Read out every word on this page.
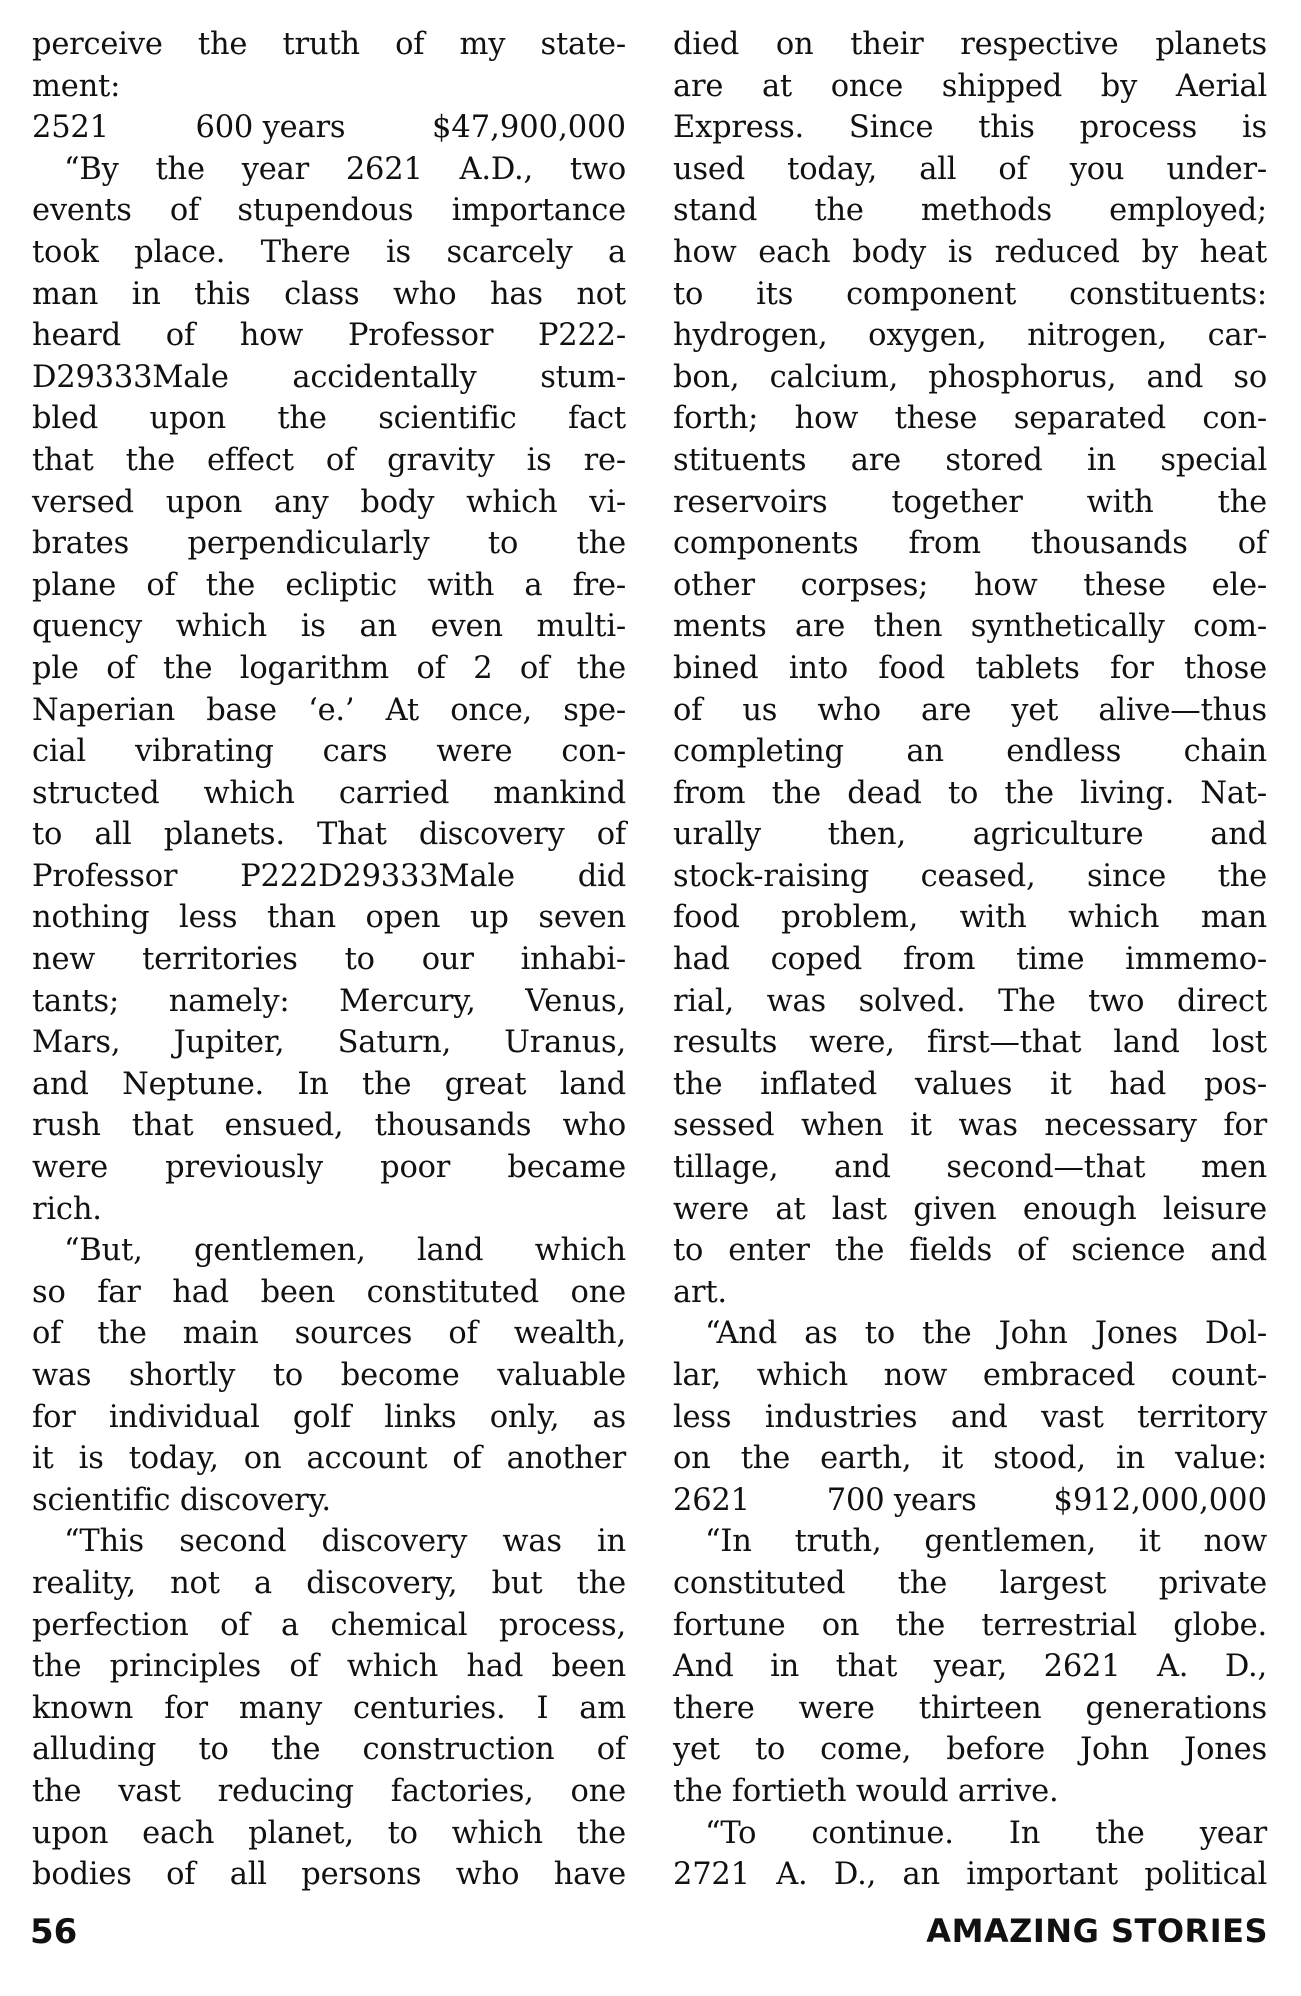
perceive the truth of my state-
ment:
2521	600 years	$47,900,000
“By the year 2621 A.D., two
events of stupendous importance
took place. There is scarcely a
man in this class who has not
heard of how Professor P222-
D29333Male accidentally stum-
bled upon the scientific fact
that the effect of gravity is re-
versed upon any body which vi-
brates perpendicularly to the
plane of the ecliptic with a fre-
quency which is an even multi-
ple of the logarithm of 2 of the
Naperian base ‘e.’ At once, spe-
cial vibrating cars were con-
structed which carried mankind
to all planets. That discovery of
Professor P222D29333Male did
nothing less than open up seven
new territories to our inhabi-
tants; namely: Mercury, Venus,
Mars, Jupiter, Saturn, Uranus,
and Neptune. In the great land
rush that ensued, thousands who
were previously poor became
rich.
“But, gentlemen, land which
so far had been constituted one
of the main sources of wealth,
was shortly to become valuable
for individual golf links only, as
it is today, on account of another
scientific discovery.
“This second discovery was in
reality, not a discovery, but the
perfection of a chemical process,
the principles of which had been
known for many centuries. I am
alluding to the construction of
the vast reducing factories, one
upon each planet, to which the
bodies of all persons who have
died on their respective planets
are at once shipped by Aerial
Express. Since this process is
used today, all of you under-
stand the methods employed;
how each body is reduced by heat
to its component constituents:
hydrogen, oxygen, nitrogen, car-
bon, calcium, phosphorus, and so
forth; how these separated con-
stituents are stored in special
reservoirs together with the
components from thousands of
other corpses; how these ele-
ments are then synthetically com-
bined into food tablets for those
of us who are yet alive—thus
completing an endless chain
from the dead to the living. Nat-
urally then, agriculture and
stock-raising ceased, since the
food problem, with which man
had coped from time immemo-
rial, was solved. The two direct
results were, first—that land lost
the inflated values it had pos-
sessed when it was necessary for
tillage, and second—that men
were at last given enough leisure
to enter the fields of science and
art.
“And as to the John Jones Dol-
lar, which now embraced count-
less industries and vast territory
on the earth, it stood, in value:
2621	700 years	$912,000,000
“In truth, gentlemen, it now
constituted the largest private
fortune on the terrestrial globe.
And in that year, 2621 A. D.,
there were thirteen generations
yet to come, before John Jones
the fortieth would arrive.
“To continue. In the year
2721 A. D., an important political
56	AMAZING STORIES
